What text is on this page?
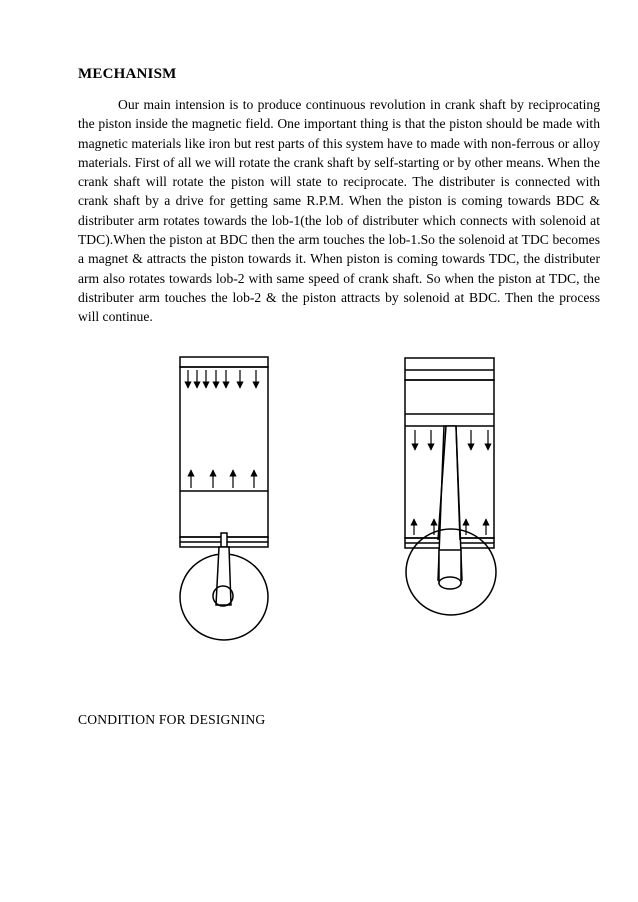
MECHANISM

Our main intension is to produce continuous revolution in crank shaft by reciprocating the piston inside the magnetic field. One important thing is that the piston should be made with magnetic materials like iron but rest parts of this system have to made with non-ferrous or alloy materials. First of all we will rotate the crank shaft by self-starting or by other means. When the crank shaft will rotate the piston will state to reciprocate. The distributer is connected with crank shaft by a drive for getting same R.P.M. When the piston is coming towards BDC & distributer arm rotates towards the lob-1(the lob of distributer which connects with solenoid at TDC).When the piston at BDC then the arm touches the lob-1.So the solenoid at TDC becomes a magnet & attracts the piston towards it. When piston is coming towards TDC, the distributer arm also rotates towards lob-2 with same speed of crank shaft. So when the piston at TDC, the distributer arm touches the lob-2 & the piston attracts by solenoid at BDC. Then the process will continue.

CONDITION FOR DESIGNING
